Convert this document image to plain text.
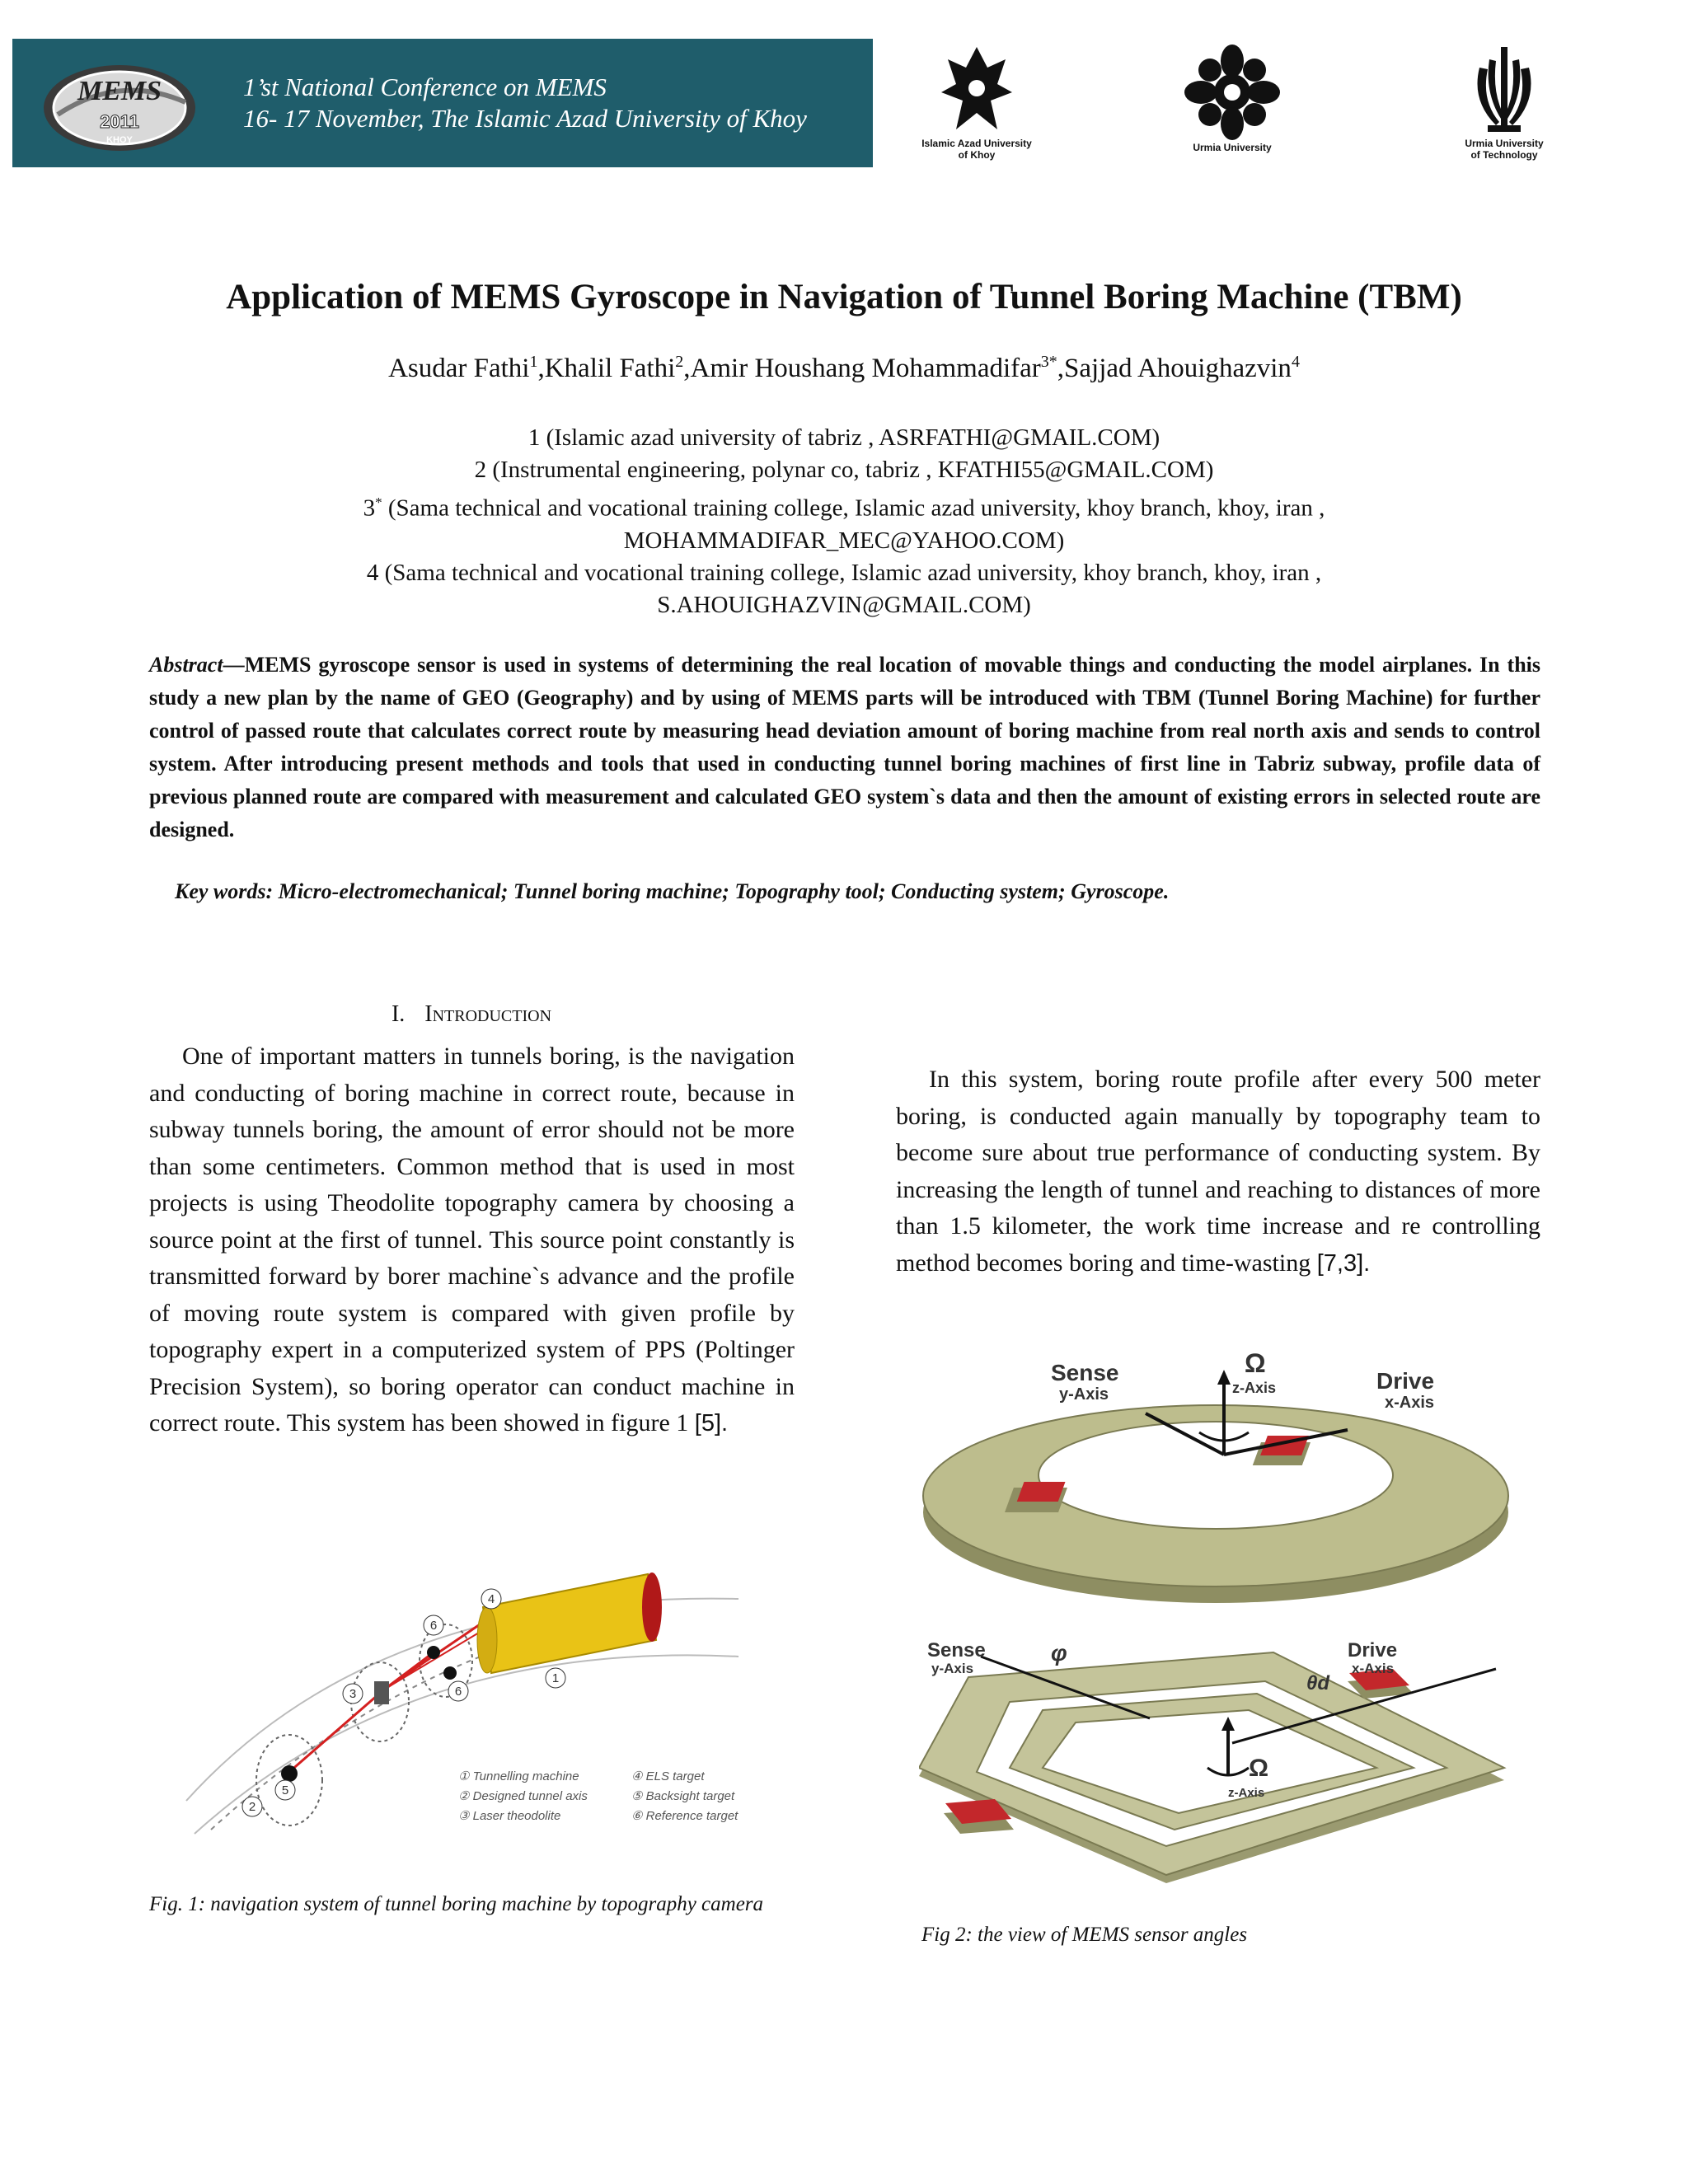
MEMS
2011
KHOY
1’st National Conference on MEMS
16- 17 November, The Islamic Azad University of Khoy
Islamic Azad University
of Khoy
Urmia University	Urmia University
of Technology
Application of MEMS Gyroscope in Navigation of Tunnel Boring Machine (TBM)
Asudar Fathi$^1$,Khalil Fathi$^2$,Amir Houshang Mohammadifar$^{3*}$,Sajjad Ahouighazvin$^4$
1 (Islamic azad university of tabriz , ASRFATHI@GMAIL.COM)
2 (Instrumental engineering, polynar co, tabriz , KFATHI55@GMAIL.COM)
3* (Sama technical and vocational training college, Islamic azad university, khoy branch, khoy, iran ,
MOHAMMADIFAR_MEC@YAHOO.COM)
4 (Sama technical and vocational training college, Islamic azad university, khoy branch, khoy, iran ,
S.AHOUIGHAZVIN@GMAIL.COM)

Abstract—MEMS gyroscope sensor is used in systems of determining the real location of movable things and conducting the model airplanes. In this study a new plan by the name of GEO (Geography) and by using of MEMS parts will be introduced with TBM (Tunnel Boring Machine) for further control of passed route that calculates correct route by measuring head deviation amount of boring machine from real north axis and sends to control system. After introducing present methods and tools that used in conducting tunnel boring machines of first line in Tabriz subway, profile data of previous planned route are compared with measurement and calculated GEO system`s data and then the amount of existing errors in selected route are designed.

Key words: Micro-electromechanical; Tunnel boring machine; Topography tool; Conducting system; Gyroscope.

I. Introduction

One of important matters in tunnels boring, is the navigation and conducting of boring machine in correct route, because in subway tunnels boring, the amount of error should not be more than some centimeters. Common method that is used in most projects is using Theodolite topography camera by choosing a source point at the first of tunnel. This source point constantly is transmitted forward by borer machine`s advance and the profile of moving route system is compared with given profile by topography expert in a computerized system of PPS (Poltinger Precision System), so boring operator can conduct machine in correct route. This system has been showed in figure 1 [5].

In this system, boring route profile after every 500 meter boring, is conducted again manually by topography team to become sure about true performance of conducting system. By increasing the length of tunnel and reaching to distances of more than 1.5 kilometer, the work time increase and re controlling method becomes boring and time-wasting [7,3].

1
2
3
4
5
6
6
① Tunnelling machine
② Designed tunnel axis
③ Laser theodolite
④ ELS target
⑤ Backsight target
⑥ Reference target
Sense
y-Axis
Ω
z-Axis	Drive
x-Axis
Sense
y-Axis
Drive
x-Axis
Ω
z-Axis
φ
θd

Fig. 1: navigation system of tunnel boring machine by topography camera

Fig 2: the view of MEMS sensor angles
